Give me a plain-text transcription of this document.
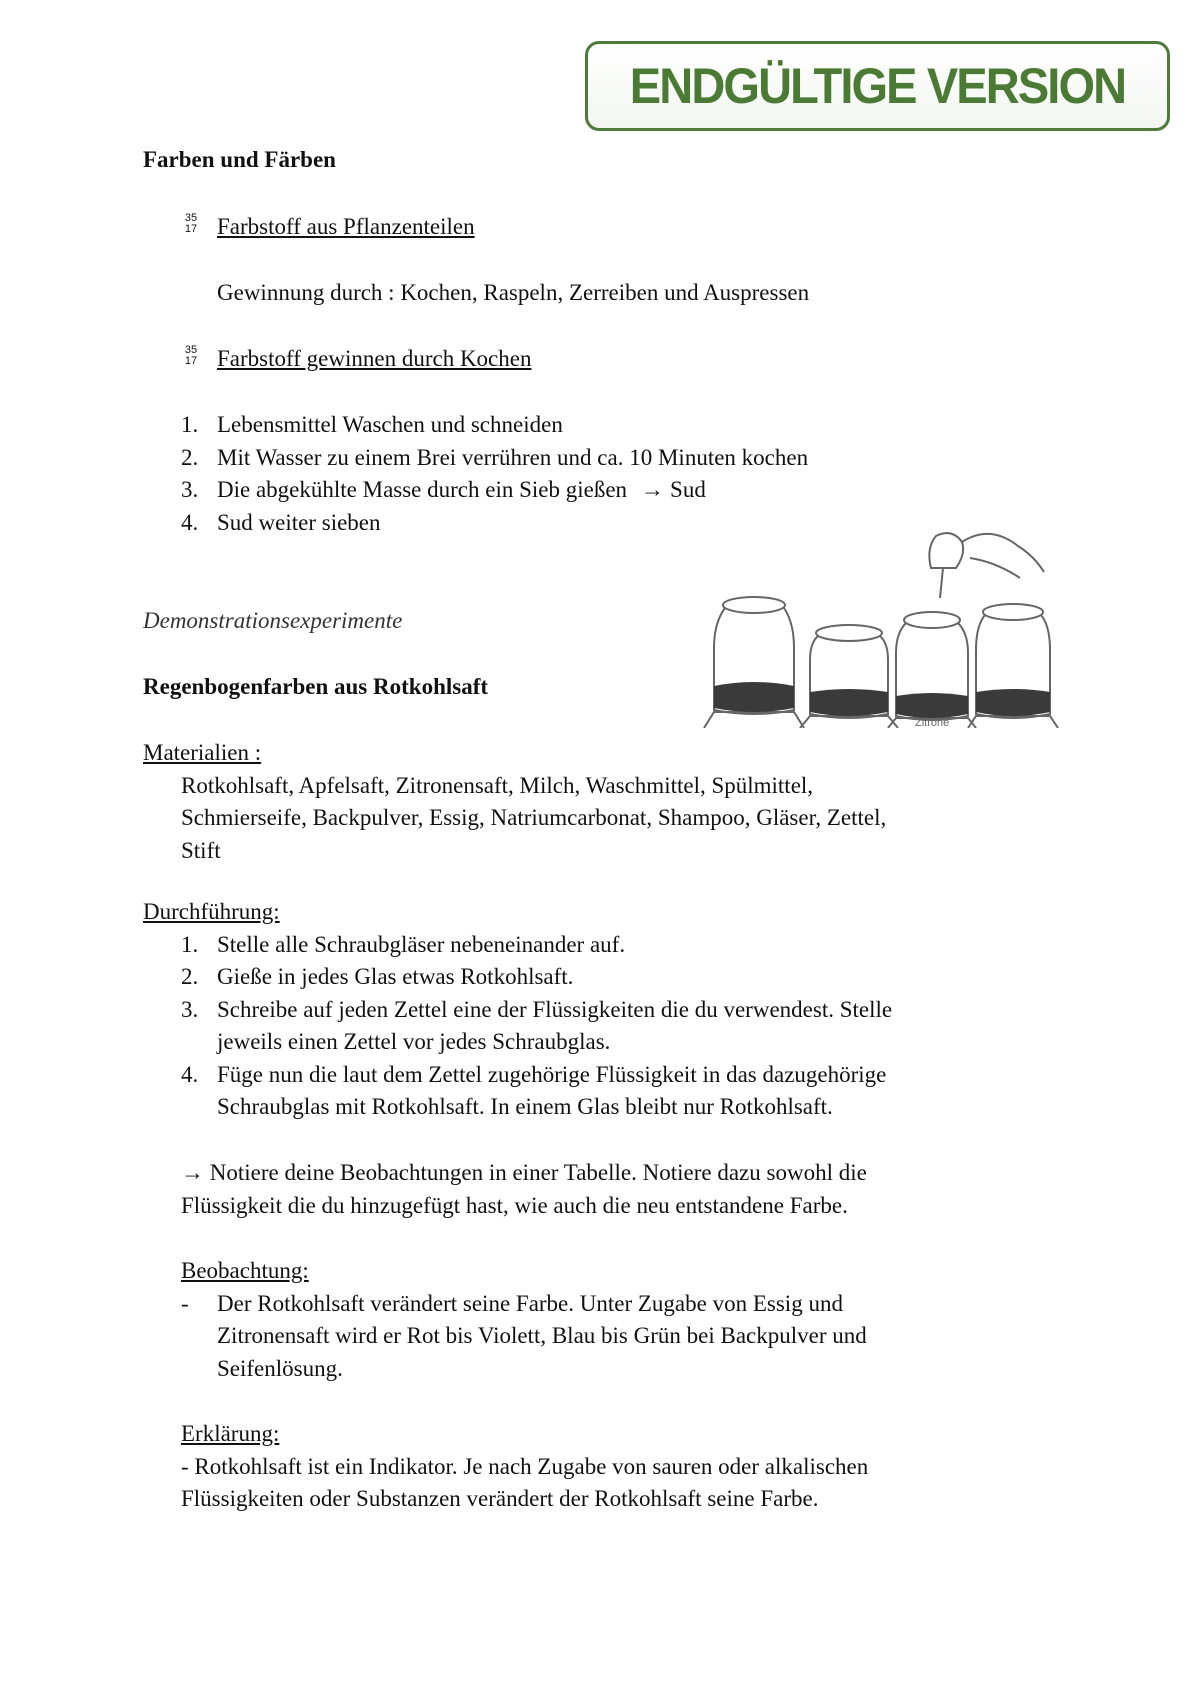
ENDGÜLTIGE VERSION
Farben und Färben
35
17 Farbstoff aus Pflanzenteilen
Gewinnung durch : Kochen, Raspeln, Zerreiben und Auspressen
35
17 Farbstoff gewinnen durch Kochen
1. Lebensmittel Waschen und schneiden
2. Mit Wasser zu einem Brei verrühren und ca. 10 Minuten kochen
3. Die abgekühlte Masse durch ein Sieb gießen → Sud
4. Sud weiter sieben
Demonstrationsexperimente
Regenbogenfarben aus Rotkohlsaft
Zitrone
Materialien :
Rotkohlsaft, Apfelsaft, Zitronensaft, Milch, Waschmittel, Spülmittel,
Schmierseife, Backpulver, Essig, Natriumcarbonat, Shampoo, Gläser, Zettel,
Stift
Durchführung:
1. Stelle alle Schraubgläser nebeneinander auf.
2. Gieße in jedes Glas etwas Rotkohlsaft.
3. Schreibe auf jeden Zettel eine der Flüssigkeiten die du verwendest. Stelle
jeweils einen Zettel vor jedes Schraubglas.
4. Füge nun die laut dem Zettel zugehörige Flüssigkeit in das dazugehörige
Schraubglas mit Rotkohlsaft. In einem Glas bleibt nur Rotkohlsaft.
→ Notiere deine Beobachtungen in einer Tabelle. Notiere dazu sowohl die
Flüssigkeit die du hinzugefügt hast, wie auch die neu entstandene Farbe.
Beobachtung:
- Der Rotkohlsaft verändert seine Farbe. Unter Zugabe von Essig und
Zitronensaft wird er Rot bis Violett, Blau bis Grün bei Backpulver und
Seifenlösung.
Erklärung:
- Rotkohlsaft ist ein Indikator. Je nach Zugabe von sauren oder alkalischen
Flüssigkeiten oder Substanzen verändert der Rotkohlsaft seine Farbe.
